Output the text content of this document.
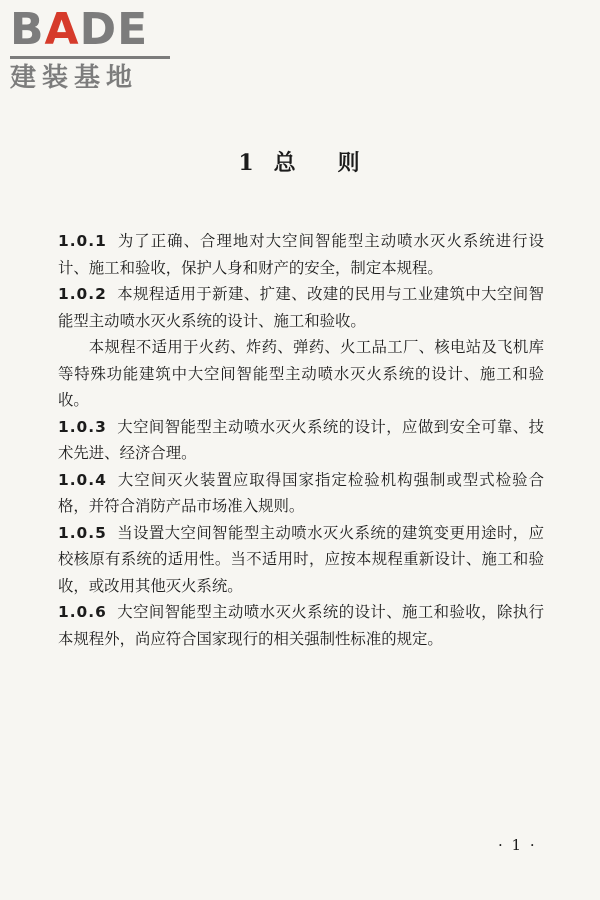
BADE
建装基地
1 总 则

1.0.1 为了正确、合理地对大空间智能型主动喷水灭火系统进行设计、施工和验收，保护人身和财产的安全，制定本规程。

1.0.2 本规程适用于新建、扩建、改建的民用与工业建筑中大空间智能型主动喷水灭火系统的设计、施工和验收。

本规程不适用于火药、炸药、弹药、火工品工厂、核电站及飞机库等特殊功能建筑中大空间智能型主动喷水灭火系统的设计、施工和验收。

1.0.3 大空间智能型主动喷水灭火系统的设计，应做到安全可靠、技术先进、经济合理。

1.0.4 大空间灭火装置应取得国家指定检验机构强制或型式检验合格，并符合消防产品市场准入规则。

1.0.5 当设置大空间智能型主动喷水灭火系统的建筑变更用途时，应校核原有系统的适用性。当不适用时，应按本规程重新设计、施工和验收，或改用其他灭火系统。

1.0.6 大空间智能型主动喷水灭火系统的设计、施工和验收，除执行本规程外，尚应符合国家现行的相关强制性标准的规定。

· 1 ·
